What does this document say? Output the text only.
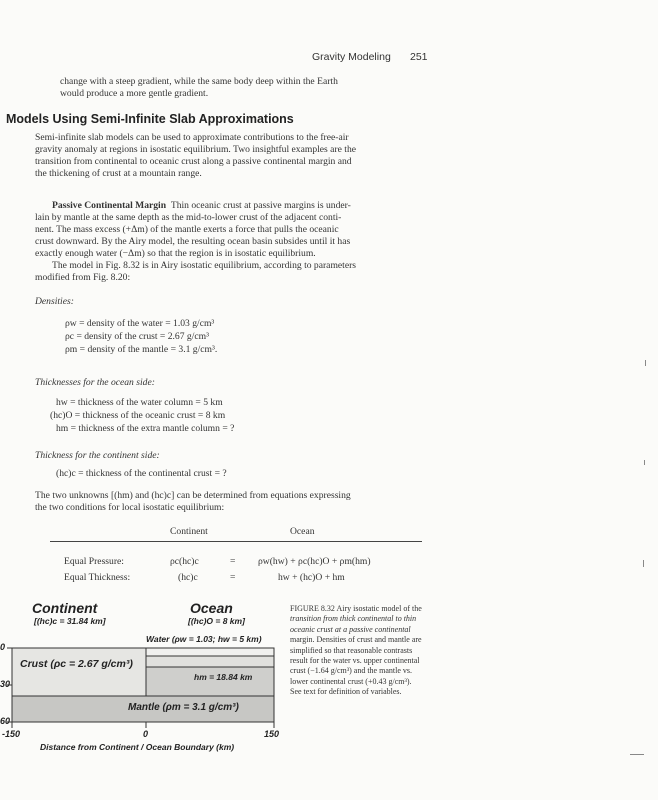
Gravity Modeling 251
change with a steep gradient, while the same body deep within the Earth
would produce a more gentle gradient.
Models Using Semi-Infinite Slab Approximations
Semi-infinite slab models can be used to approximate contributions to the free-air
gravity anomaly at regions in isostatic equilibrium. Two insightful examples are the
transition from continental to oceanic crust along a passive continental margin and
the thickening of crust at a mountain range.
Passive Continental Margin Thin oceanic crust at passive margins is under-
lain by mantle at the same depth as the mid-to-lower crust of the adjacent conti-
nent. The mass excess (+Δm) of the mantle exerts a force that pulls the oceanic
crust downward. By the Airy model, the resulting ocean basin subsides until it has
exactly enough water (−Δm) so that the region is in isostatic equilibrium.
The model in Fig. 8.32 is in Airy isostatic equilibrium, according to parameters
modified from Fig. 8.20:
Densities:
ρw = density of the water = 1.03 g/cm³
ρc = density of the crust = 2.67 g/cm³
ρm = density of the mantle = 3.1 g/cm³.
Thicknesses for the ocean side:
hw = thickness of the water column = 5 km
(hc)O = thickness of the oceanic crust = 8 km
hm = thickness of the extra mantle column = ?
Thickness for the continent side:
(hc)c = thickness of the continental crust = ?
The two unknowns [(hm) and (hc)c] can be determined from equations expressing
the two conditions for local isostatic equilibrium:
Continent	Ocean
Equal Pressure:	ρc(hc)c	= ρw(hw) + ρc(hc)O + ρm(hm)
Equal Thickness:	(hc)c	=	hw + (hc)O + hm
Continent
[(hc)c = 31.84 km]
Ocean
[(hc)O = 8 km]
Water (ρw = 1.03; hw = 5 km)
Crust (ρc = 2.67 g/cm³)
hm = 18.84 km
Mantle (ρm = 3.1 g/cm³)
0
30
60
-150	0	150
Distance from Continent / Ocean Boundary (km)
FIGURE 8.32 Airy isostatic model of the
transition from thick continental to thin
oceanic crust at a passive continental
margin. Densities of crust and mantle are
simplified so that reasonable contrasts
result for the water vs. upper continental
crust (−1.64 g/cm³) and the mantle vs.
lower continental crust (+0.43 g/cm³).
See text for definition of variables.
